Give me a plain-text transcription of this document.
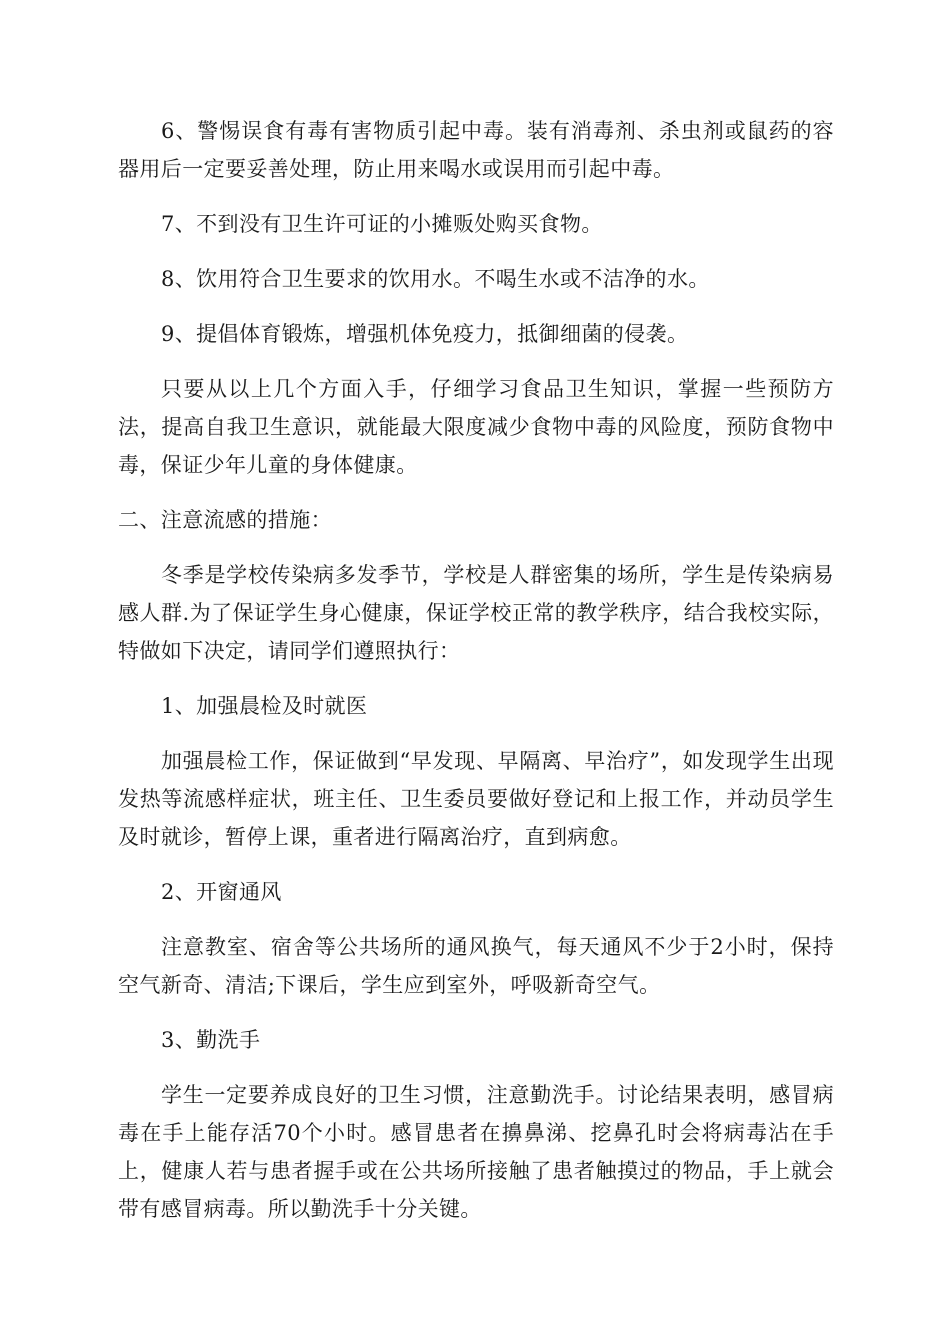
6、警惕误食有毒有害物质引起中毒。装有消毒剂、杀虫剂或鼠药的容器用后一定要妥善处理，防止用来喝水或误用而引起中毒。

7、不到没有卫生许可证的小摊贩处购买食物。

8、饮用符合卫生要求的饮用水。不喝生水或不洁净的水。

9、提倡体育锻炼，增强机体免疫力，抵御细菌的侵袭。

只要从以上几个方面入手，仔细学习食品卫生知识，掌握一些预防方法，提高自我卫生意识，就能最大限度减少食物中毒的风险度，预防食物中毒，保证少年儿童的身体健康。

二、注意流感的措施：

冬季是学校传染病多发季节，学校是人群密集的场所，学生是传染病易感人群.为了保证学生身心健康，保证学校正常的教学秩序，结合我校实际，特做如下决定，请同学们遵照执行：

1、加强晨检及时就医

加强晨检工作，保证做到“早发现、早隔离、早治疗”，如发现学生出现发热等流感样症状，班主任、卫生委员要做好登记和上报工作，并动员学生及时就诊，暂停上课，重者进行隔离治疗，直到病愈。

2、开窗通风

注意教室、宿舍等公共场所的通风换气，每天通风不少于2小时，保持空气新奇、清洁;下课后，学生应到室外，呼吸新奇空气。

3、勤洗手

学生一定要养成良好的卫生习惯，注意勤洗手。讨论结果表明，感冒病毒在手上能存活70个小时。感冒患者在擤鼻涕、挖鼻孔时会将病毒沾在手上，健康人若与患者握手或在公共场所接触了患者触摸过的物品，手上就会带有感冒病毒。所以勤洗手十分关键。
